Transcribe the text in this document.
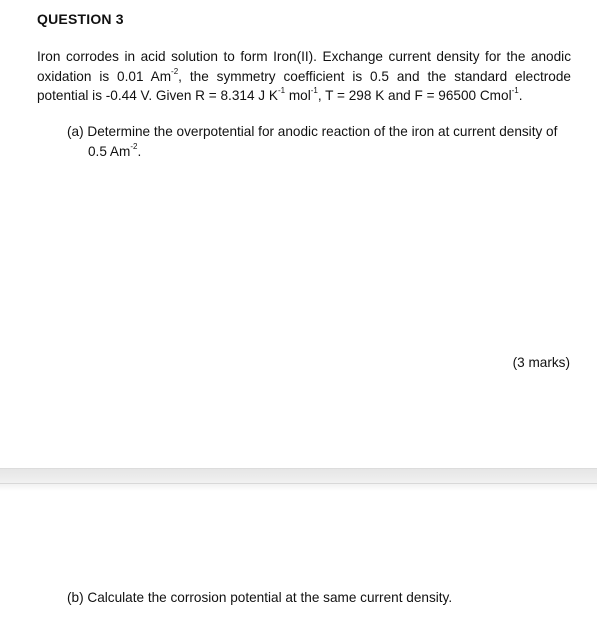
QUESTION 3
Iron corrodes in acid solution to form Iron(II). Exchange current density for the anodic
oxidation is 0.01 $Am^{-2}$, the symmetry coefficient is 0.5 and the standard electrode
potential is -0.44 V. Given R = 8.314 J $K^{-1}$ mol$^{-1}$, T = 298 K and F = 96500 Cmol$^{-1}$.
(a) Determine the overpotential for anodic reaction of the iron at current density of
0.5 $Am^{-2}$.
(3 marks)
(b) Calculate the corrosion potential at the same current density.
